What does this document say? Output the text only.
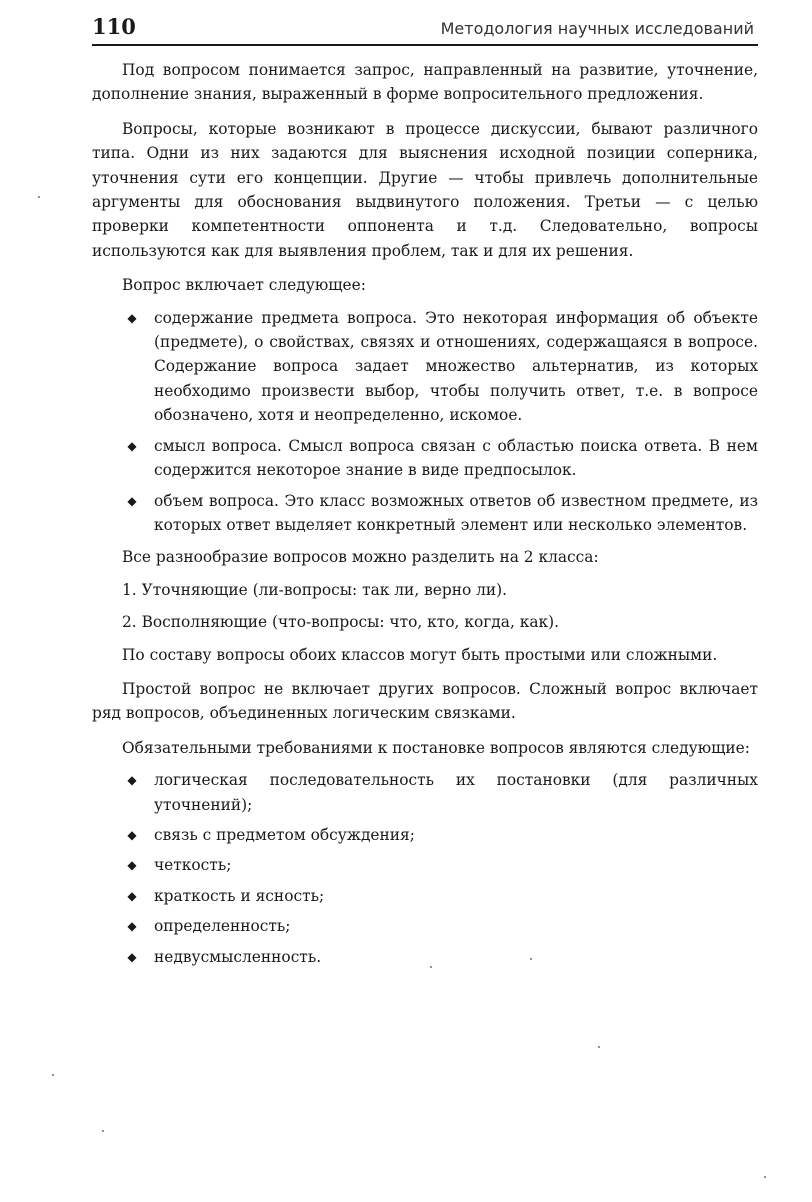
110	Методология научных исследований

Под вопросом понимается запрос, направленный на развитие, уточнение, дополнение знания, выраженный в форме вопросительного предложения.

Вопросы, которые возникают в процессе дискуссии, бывают различного типа. Одни из них задаются для выяснения исходной позиции соперника, уточнения сути его концепции. Другие — чтобы привлечь дополнительные аргументы для обоснования выдвинутого положения. Третьи — с целью проверки компетентности оппонента и т.д. Следовательно, вопросы используются как для выявления проблем, так и для их решения.

Вопрос включает следующее:

◆	содержание предмета вопроса. Это некоторая информация об объекте (предмете), о свойствах, связях и отношениях, содержащаяся в вопросе. Содержание вопроса задает множество альтернатив, из которых необходимо произвести выбор, чтобы получить ответ, т.е. в вопросе обозначено, хотя и неопределенно, искомое.
◆	смысл вопроса. Смысл вопроса связан с областью поиска ответа. В нем содержится некоторое знание в виде предпосылок.
◆	объем вопроса. Это класс возможных ответов об известном предмете, из которых ответ выделяет конкретный элемент или несколько элементов.

Все разнообразие вопросов можно разделить на 2 класса:

1. Уточняющие (ли-вопросы: так ли, верно ли).

2. Восполняющие (что-вопросы: что, кто, когда, как).

По составу вопросы обоих классов могут быть простыми или сложными.

Простой вопрос не включает других вопросов. Сложный вопрос включает ряд вопросов, объединенных логическим связками.

Обязательными требованиями к постановке вопросов являются следующие:

◆	логическая последовательность их постановки (для различных уточнений);
◆	связь с предметом обсуждения;
◆	четкость;
◆	краткость и ясность;
◆	определенность;
◆	недвусмысленность.
